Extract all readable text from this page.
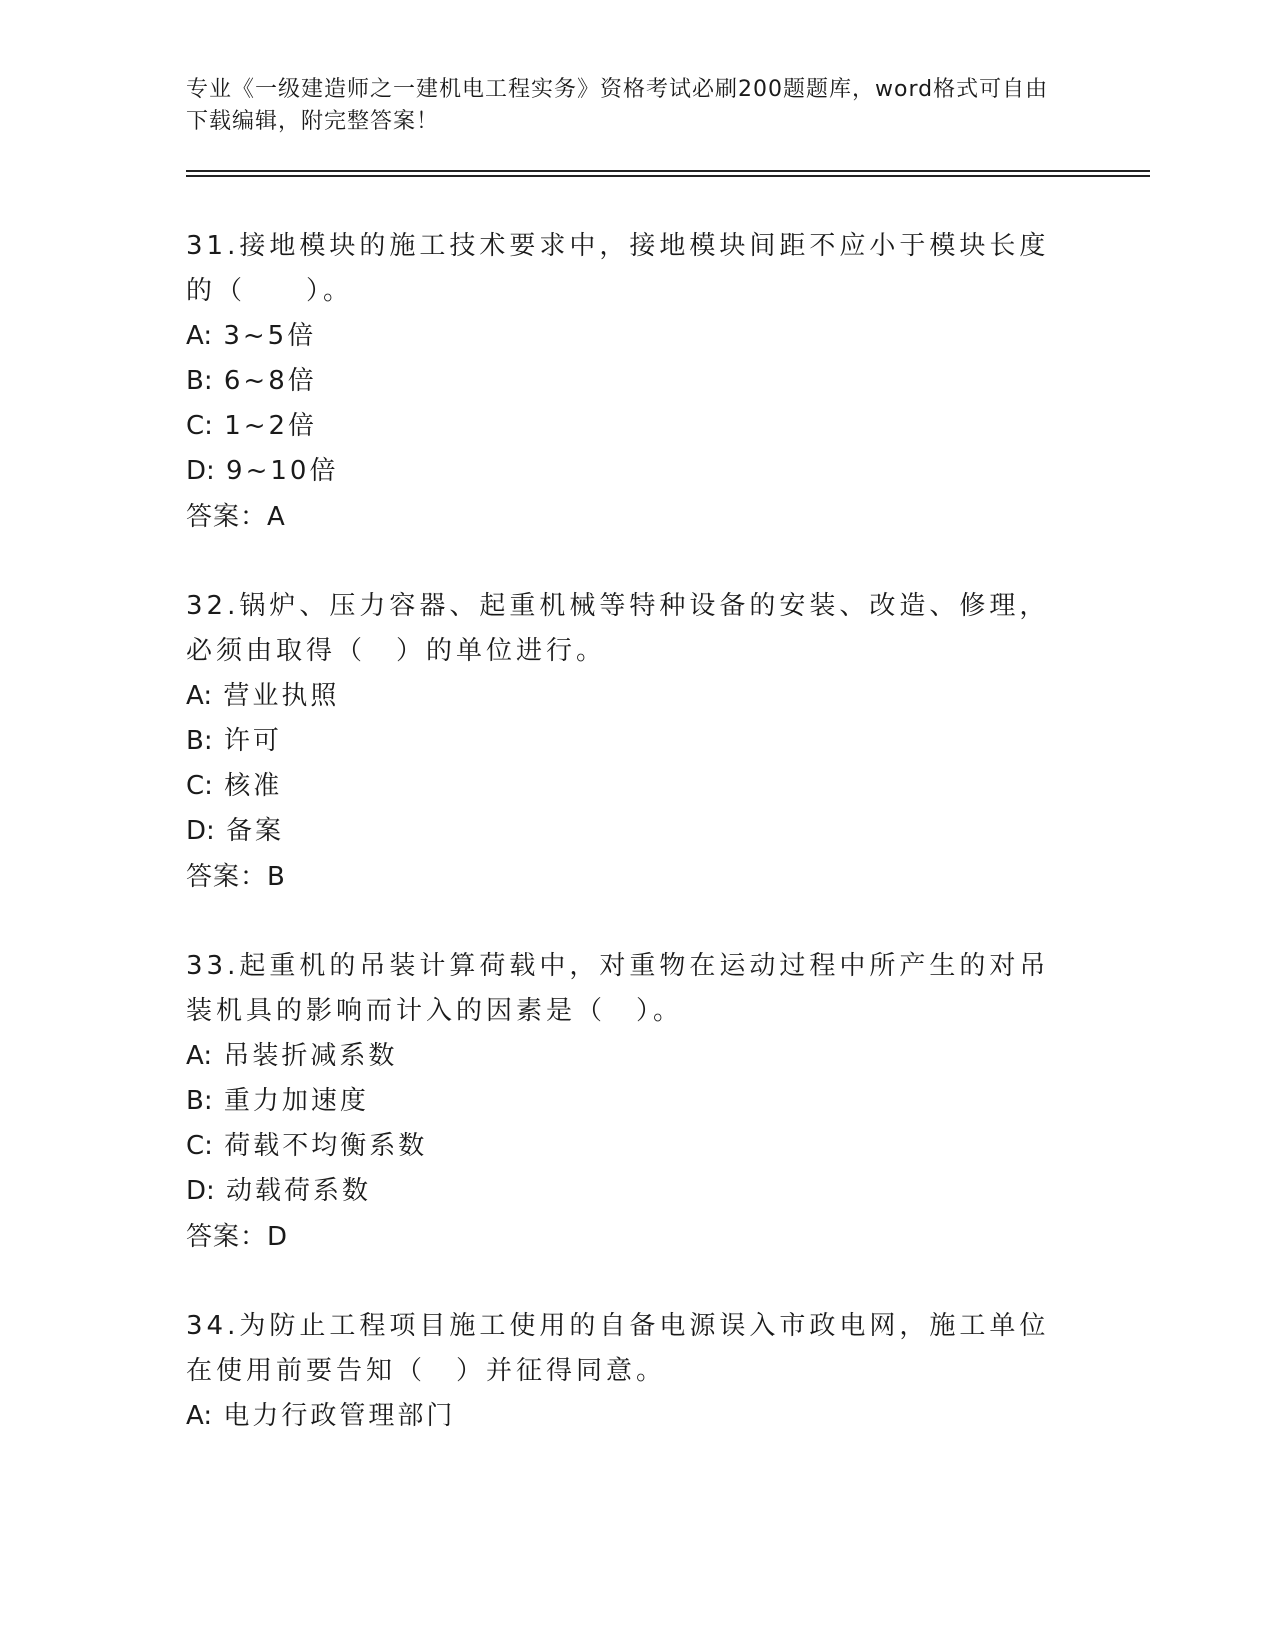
专业《一级建造师之一建机电工程实务》资格考试必刷200题题库，word格式可自由下载编辑，附完整答案！
31.接地模块的施工技术要求中，接地模块间距不应小于模块长度的（　　）。
A: 3~5倍
B: 6~8倍
C: 1~2倍
D: 9~10倍
答案：A
32.锅炉、压力容器、起重机械等特种设备的安装、改造、修理，必须由取得（　）的单位进行。
A: 营业执照
B: 许可
C: 核准
D: 备案
答案：B
33.起重机的吊装计算荷载中，对重物在运动过程中所产生的对吊装机具的影响而计入的因素是（　）。
A: 吊装折减系数
B: 重力加速度
C: 荷载不均衡系数
D: 动载荷系数
答案：D
34.为防止工程项目施工使用的自备电源误入市政电网，施工单位在使用前要告知（　）并征得同意。
A: 电力行政管理部门
